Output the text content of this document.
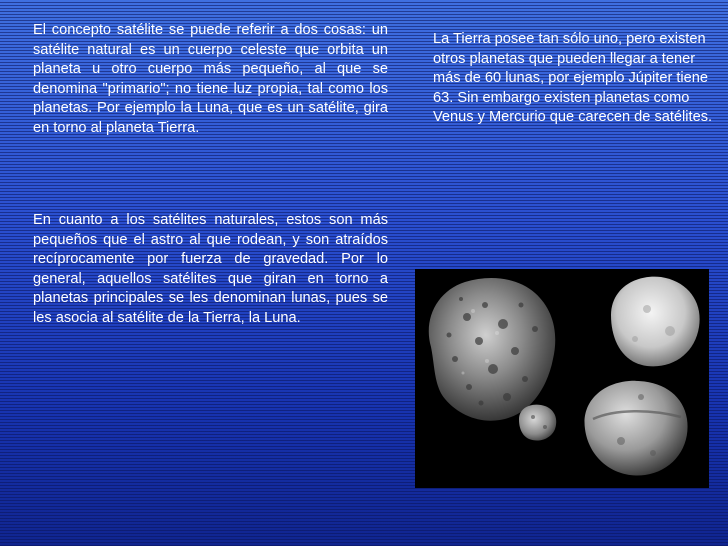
El concepto satélite se puede referir a dos cosas: un satélite natural es un cuerpo celeste que orbita un planeta u otro cuerpo más pequeño, al que se denomina "primario"; no tiene luz propia, tal como los planetas. Por ejemplo la Luna, que es un satélite, gira en torno al planeta Tierra.

En cuanto a los satélites naturales, estos son más pequeños que el astro al que rodean, y son atraídos recíprocamente por fuerza de gravedad. Por lo general, aquellos satélites que giran en torno a planetas principales se les denominan lunas, pues se les asocia al satélite de la Tierra, la Luna.

La Tierra posee tan sólo uno, pero existen otros planetas que pueden llegar a tener más de 60 lunas, por ejemplo Júpiter tiene 63. Sin embargo existen planetas como Venus y Mercurio que carecen de satélites.
